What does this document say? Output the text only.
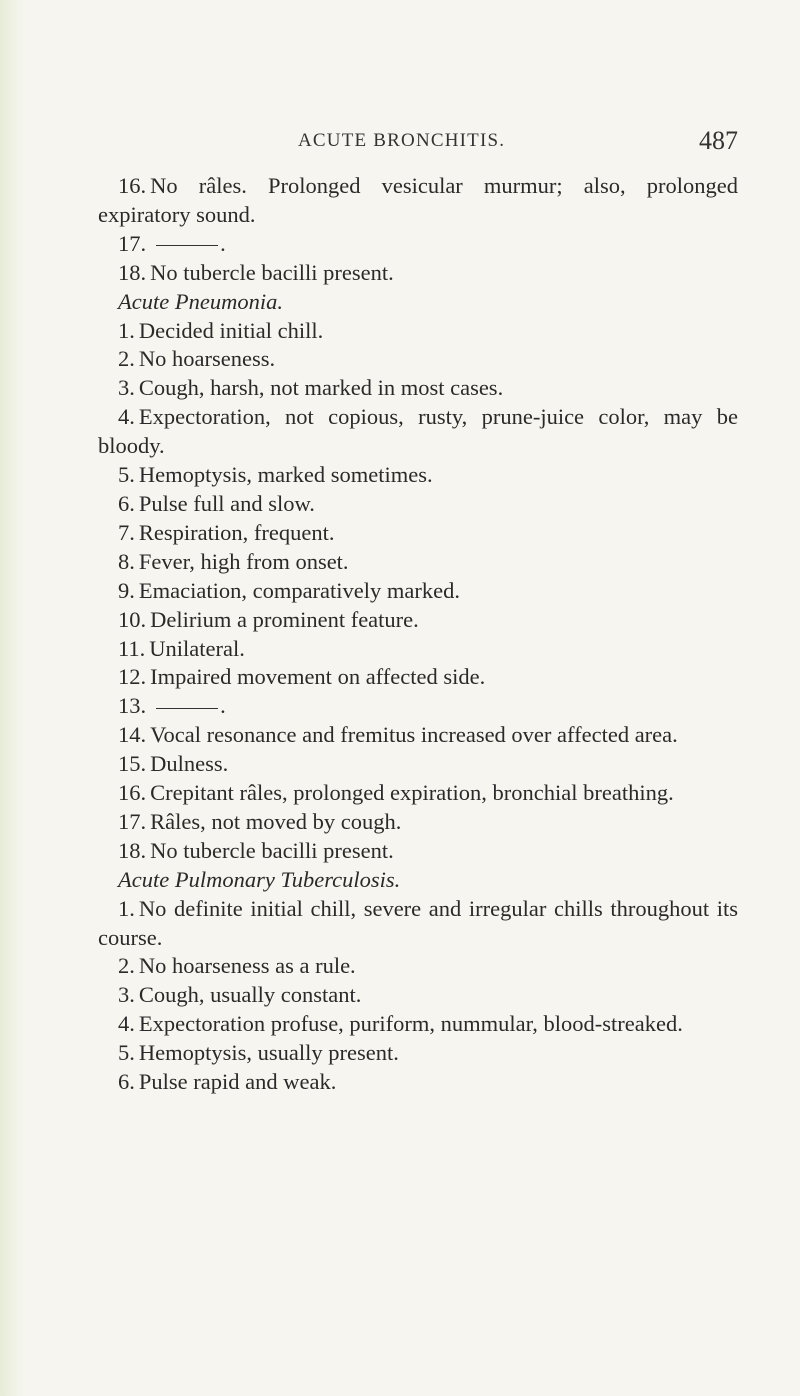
ACUTE BRONCHITIS.	487
16. No râles. Prolonged vesicular murmur; also, prolonged expiratory sound.
17.	.
18. No tubercle bacilli present.
Acute Pneumonia.
1. Decided initial chill.
2. No hoarseness.
3. Cough, harsh, not marked in most cases.
4. Expectoration, not copious, rusty, prune-juice color, may be bloody.
5. Hemoptysis, marked sometimes.
6. Pulse full and slow.
7. Respiration, frequent.
8. Fever, high from onset.
9. Emaciation, comparatively marked.
10. Delirium a prominent feature.
11. Unilateral.
12. Impaired movement on affected side.
13.	.
14. Vocal resonance and fremitus increased over affected area.
15. Dulness.
16. Crepitant râles, prolonged expiration, bronchial breathing.
17. Râles, not moved by cough.
18. No tubercle bacilli present.
Acute Pulmonary Tuberculosis.
1. No definite initial chill, severe and irregular chills throughout its course.
2. No hoarseness as a rule.
3. Cough, usually constant.
4. Expectoration profuse, puriform, nummular, blood-streaked.
5. Hemoptysis, usually present.
6. Pulse rapid and weak.
